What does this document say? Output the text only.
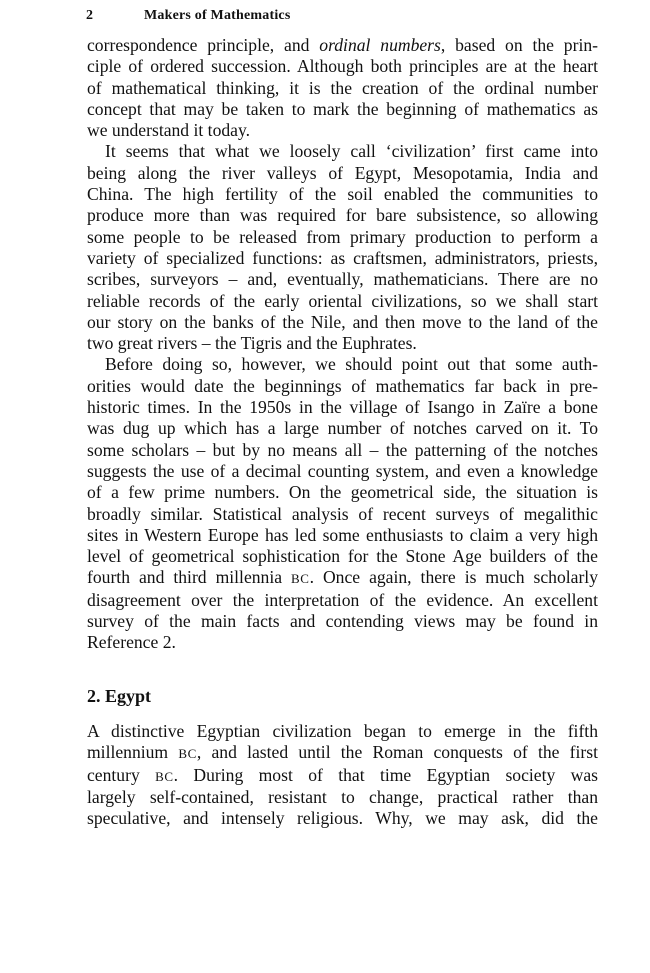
2	Makers of Mathematics

correspondence principle, and ordinal numbers, based on the prin-
ciple of ordered succession. Although both principles are at the heart
of mathematical thinking, it is the creation of the ordinal number
concept that may be taken to mark the beginning of mathematics as
we understand it today.

It seems that what we loosely call ‘civilization’ first came into
being along the river valleys of Egypt, Mesopotamia, India and
China. The high fertility of the soil enabled the communities to
produce more than was required for bare subsistence, so allowing
some people to be released from primary production to perform a
variety of specialized functions: as craftsmen, administrators, priests,
scribes, surveyors – and, eventually, mathematicians. There are no
reliable records of the early oriental civilizations, so we shall start
our story on the banks of the Nile, and then move to the land of the
two great rivers – the Tigris and the Euphrates.

Before doing so, however, we should point out that some auth-
orities would date the beginnings of mathematics far back in pre-
historic times. In the 1950s in the village of Isango in Zaïre a bone
was dug up which has a large number of notches carved on it. To
some scholars – but by no means all – the patterning of the notches
suggests the use of a decimal counting system, and even a knowledge
of a few prime numbers. On the geometrical side, the situation is
broadly similar. Statistical analysis of recent surveys of megalithic
sites in Western Europe has led some enthusiasts to claim a very high
level of geometrical sophistication for the Stone Age builders of the
fourth and third millennia BC. Once again, there is much scholarly
disagreement over the interpretation of the evidence. An excellent
survey of the main facts and contending views may be found in
Reference 2.

2. Egypt

A distinctive Egyptian civilization began to emerge in the fifth
millennium BC, and lasted until the Roman conquests of the first
century BC. During most of that time Egyptian society was
largely self-contained, resistant to change, practical rather than
speculative, and intensely religious. Why, we may ask, did the
